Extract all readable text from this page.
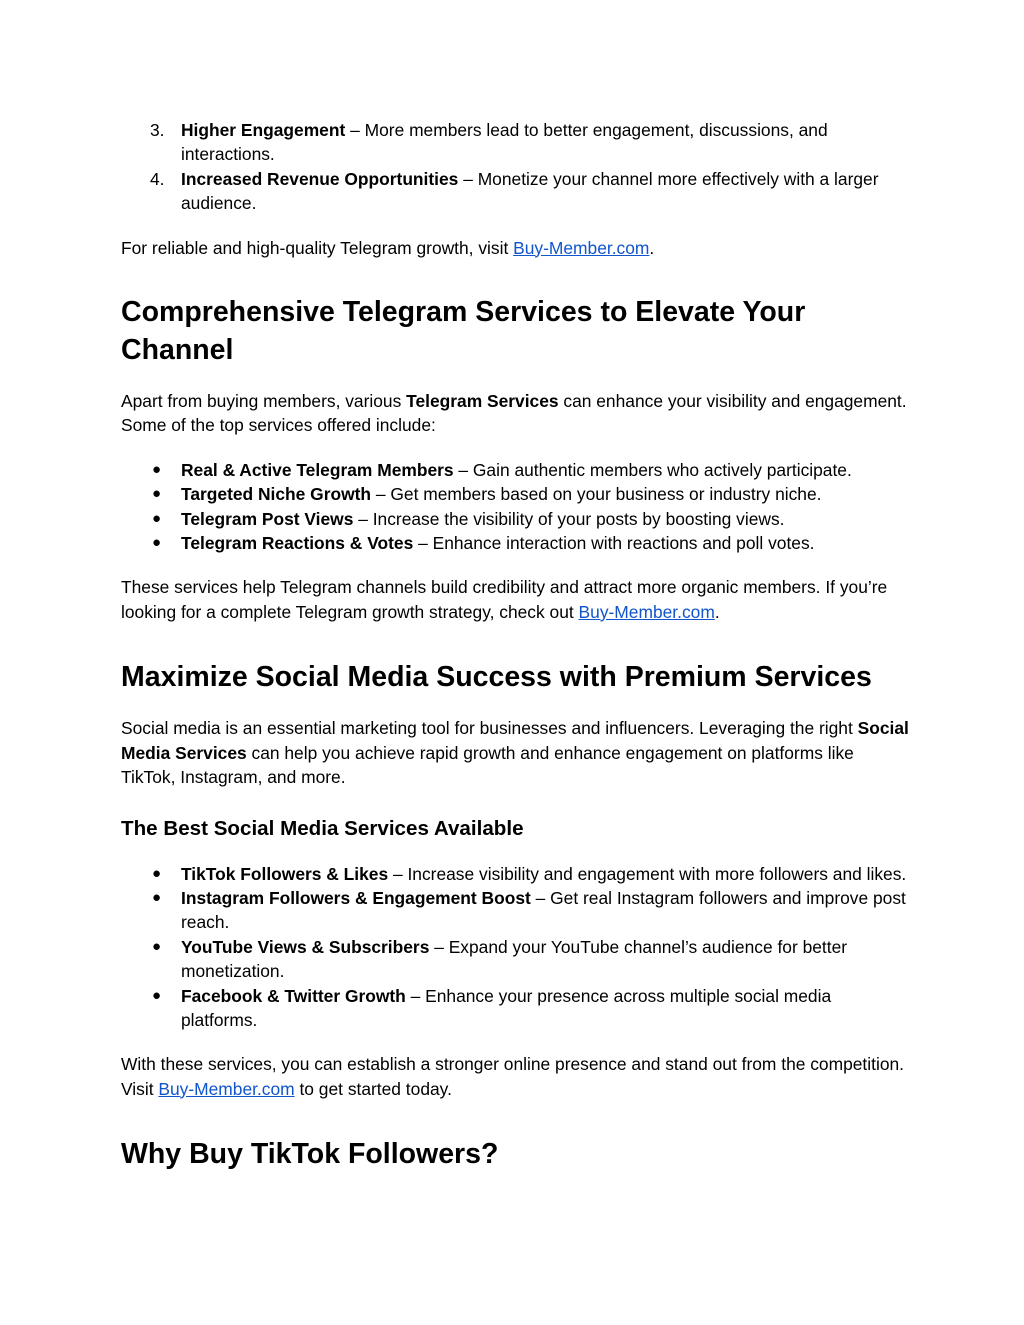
3. Higher Engagement – More members lead to better engagement, discussions, and interactions.
4. Increased Revenue Opportunities – Monetize your channel more effectively with a larger audience.

For reliable and high-quality Telegram growth, visit Buy-Member.com.

Comprehensive Telegram Services to Elevate Your Channel

Apart from buying members, various Telegram Services can enhance your visibility and engagement. Some of the top services offered include:

● Real & Active Telegram Members – Gain authentic members who actively participate.
● Targeted Niche Growth – Get members based on your business or industry niche.
● Telegram Post Views – Increase the visibility of your posts by boosting views.
● Telegram Reactions & Votes – Enhance interaction with reactions and poll votes.

These services help Telegram channels build credibility and attract more organic members. If you’re looking for a complete Telegram growth strategy, check out Buy-Member.com.

Maximize Social Media Success with Premium Services

Social media is an essential marketing tool for businesses and influencers. Leveraging the right Social Media Services can help you achieve rapid growth and enhance engagement on platforms like TikTok, Instagram, and more.

The Best Social Media Services Available
● TikTok Followers & Likes – Increase visibility and engagement with more followers and likes.
● Instagram Followers & Engagement Boost – Get real Instagram followers and improve post reach.
● YouTube Views & Subscribers – Expand your YouTube channel’s audience for better monetization.
● Facebook & Twitter Growth – Enhance your presence across multiple social media platforms.

With these services, you can establish a stronger online presence and stand out from the competition. Visit Buy-Member.com to get started today.

Why Buy TikTok Followers?
